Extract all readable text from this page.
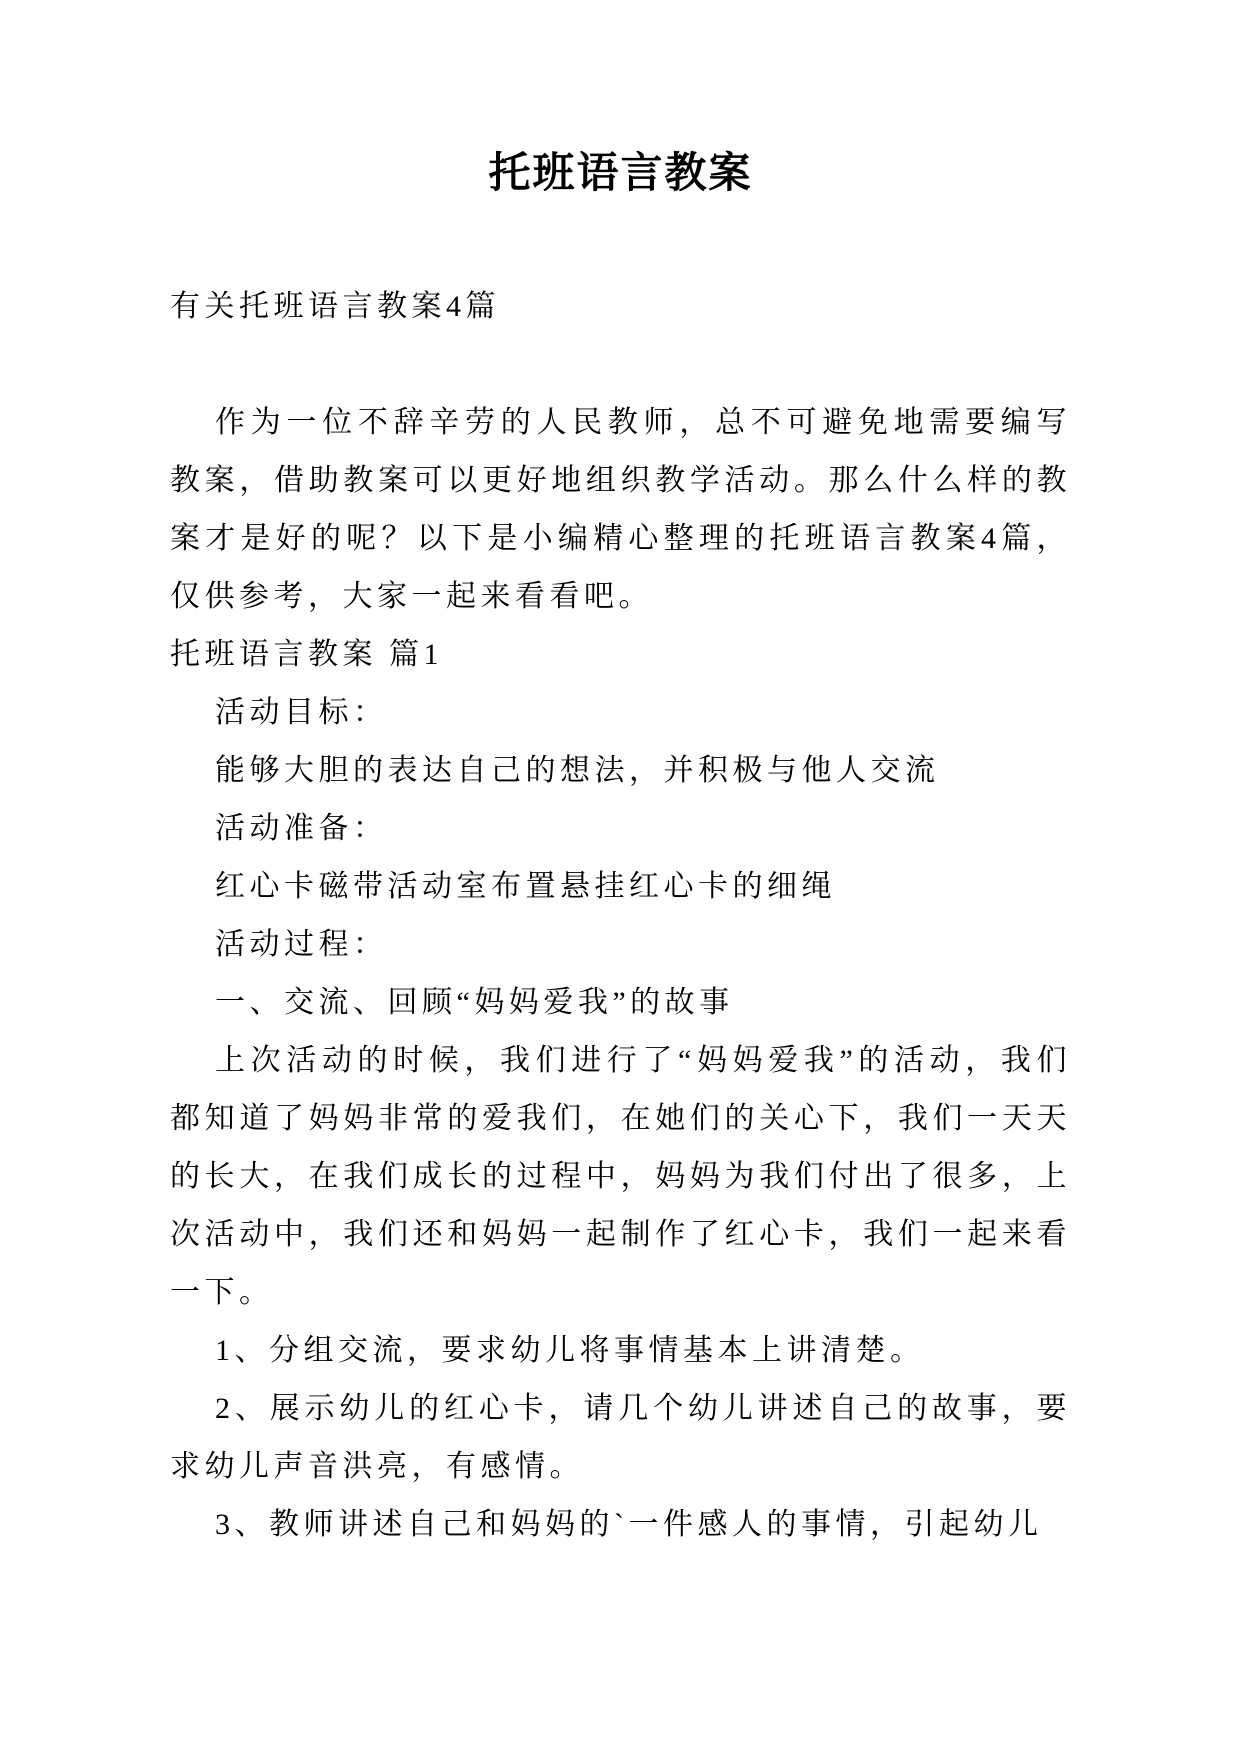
托班语言教案

有关托班语言教案4篇

作为一位不辞辛劳的人民教师，总不可避免地需要编写教案，借助教案可以更好地组织教学活动。那么什么样的教案才是好的呢？以下是小编精心整理的托班语言教案4篇，仅供参考，大家一起来看看吧。

托班语言教案 篇1

活动目标：

能够大胆的表达自己的想法，并积极与他人交流

活动准备：

红心卡磁带活动室布置悬挂红心卡的细绳

活动过程：

一、交流、回顾“妈妈爱我”的故事

上次活动的时候，我们进行了“妈妈爱我”的活动，我们都知道了妈妈非常的爱我们，在她们的关心下，我们一天天的长大，在我们成长的过程中，妈妈为我们付出了很多，上次活动中，我们还和妈妈一起制作了红心卡，我们一起来看一下。

1、分组交流，要求幼儿将事情基本上讲清楚。

2、展示幼儿的红心卡，请几个幼儿讲述自己的故事，要求幼儿声音洪亮，有感情。

3、教师讲述自己和妈妈的`一件感人的事情，引起幼儿
